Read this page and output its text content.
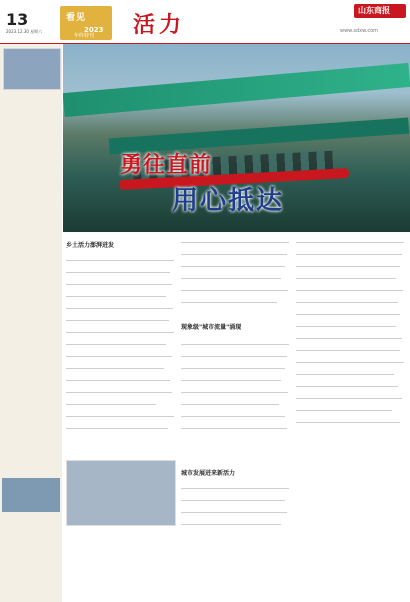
13
2023.12.30 星期六
看见
2023
年终特刊 活力
山东商报
www.sdxw.com
勇往直前
用心抵达
乡土活力澎湃迸发
现象级"城市流量"涌现
城市发展迸来新活力
